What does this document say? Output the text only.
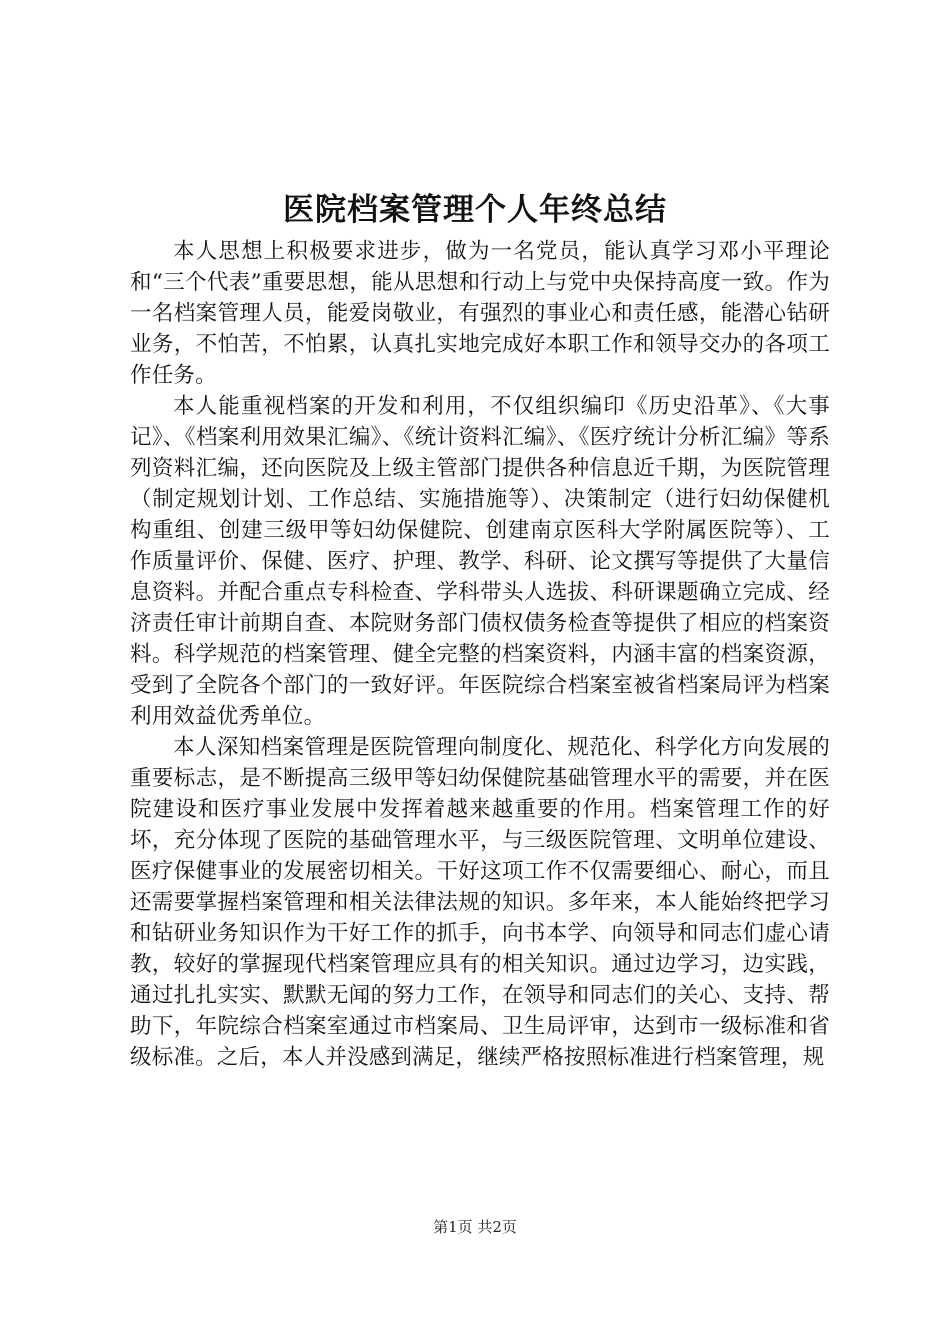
医院档案管理个人年终总结

本人思想上积极要求进步，做为一名党员，能认真学习邓小平理论和“三个代表”重要思想，能从思想和行动上与党中央保持高度一致。作为一名档案管理人员，能爱岗敬业，有强烈的事业心和责任感，能潜心钻研业务，不怕苦，不怕累，认真扎实地完成好本职工作和领导交办的各项工作任务。

本人能重视档案的开发和利用，不仅组织编印《历史沿革》、《大事记》、《档案利用效果汇编》、《统计资料汇编》、《医疗统计分析汇编》等系列资料汇编，还向医院及上级主管部门提供各种信息近千期，为医院管理（制定规划计划、工作总结、实施措施等）、决策制定（进行妇幼保健机构重组、创建三级甲等妇幼保健院、创建南京医科大学附属医院等）、工作质量评价、保健、医疗、护理、教学、科研、论文撰写等提供了大量信息资料。并配合重点专科检查、学科带头人选拔、科研课题确立完成、经济责任审计前期自查、本院财务部门债权债务检查等提供了相应的档案资料。科学规范的档案管理、健全完整的档案资料，内涵丰富的档案资源，受到了全院各个部门的一致好评。年医院综合档案室被省档案局评为档案利用效益优秀单位。

本人深知档案管理是医院管理向制度化、规范化、科学化方向发展的重要标志，是不断提高三级甲等妇幼保健院基础管理水平的需要，并在医院建设和医疗事业发展中发挥着越来越重要的作用。档案管理工作的好坏，充分体现了医院的基础管理水平，与三级医院管理、文明单位建设、医疗保健事业的发展密切相关。干好这项工作不仅需要细心、耐心，而且还需要掌握档案管理和相关法律法规的知识。多年来，本人能始终把学习和钻研业务知识作为干好工作的抓手，向书本学、向领导和同志们虚心请教，较好的掌握现代档案管理应具有的相关知识。通过边学习，边实践，通过扎扎实实、默默无闻的努力工作，在领导和同志们的关心、支持、帮助下，年院综合档案室通过市档案局、卫生局评审，达到市一级标准和省级标准。之后，本人并没感到满足，继续严格按照标准进行档案管理，规

第1页 共2页
